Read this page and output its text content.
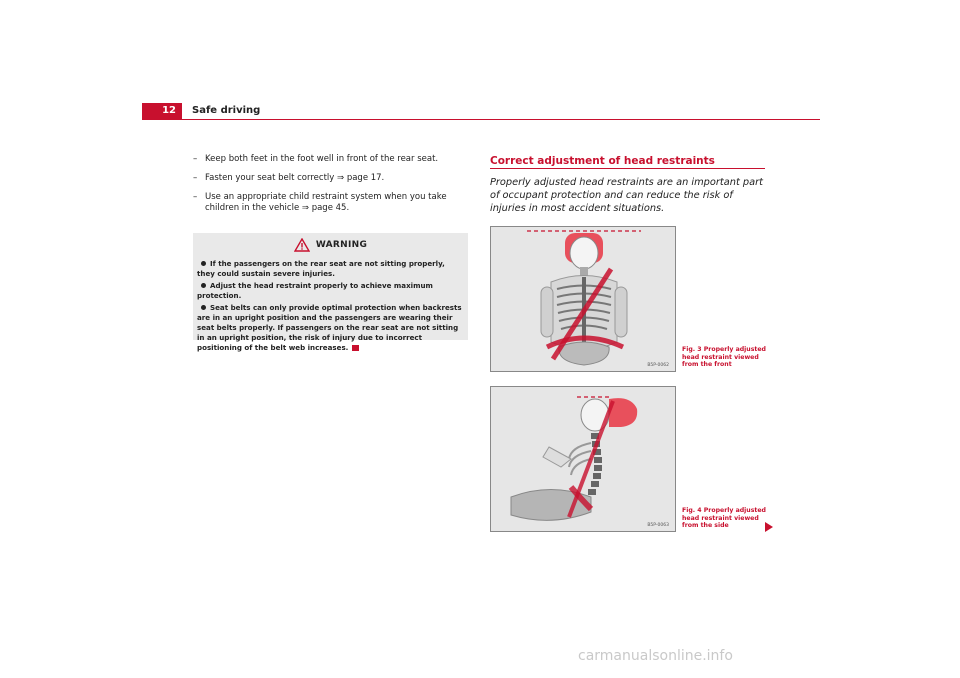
12	Safe driving
– Keep both feet in the foot well in front of the rear seat.
– Fasten your seat belt correctly ⇒ page 17.
– Use an appropriate child restraint system when you take children in the vehicle ⇒ page 45.
WARNING
If the passengers on the rear seat are not sitting properly, they could sustain severe injuries.
Adjust the head restraint properly to achieve maximum protection.
Seat belts can only provide optimal protection when backrests are in an upright position and the passengers are wearing their seat belts properly. If passengers on the rear seat are not sitting in an upright position, the risk of injury due to incorrect positioning of the belt web increases.
Correct adjustment of head restraints
Properly adjusted head restraints are an important part of occupant protection and can reduce the risk of injuries in most accident situations.
B5P-0062
Fig. 3 Properly adjusted head restraint viewed from the front
B5P-0063
Fig. 4 Properly adjusted head restraint viewed from the side
carmanualsonline.info
